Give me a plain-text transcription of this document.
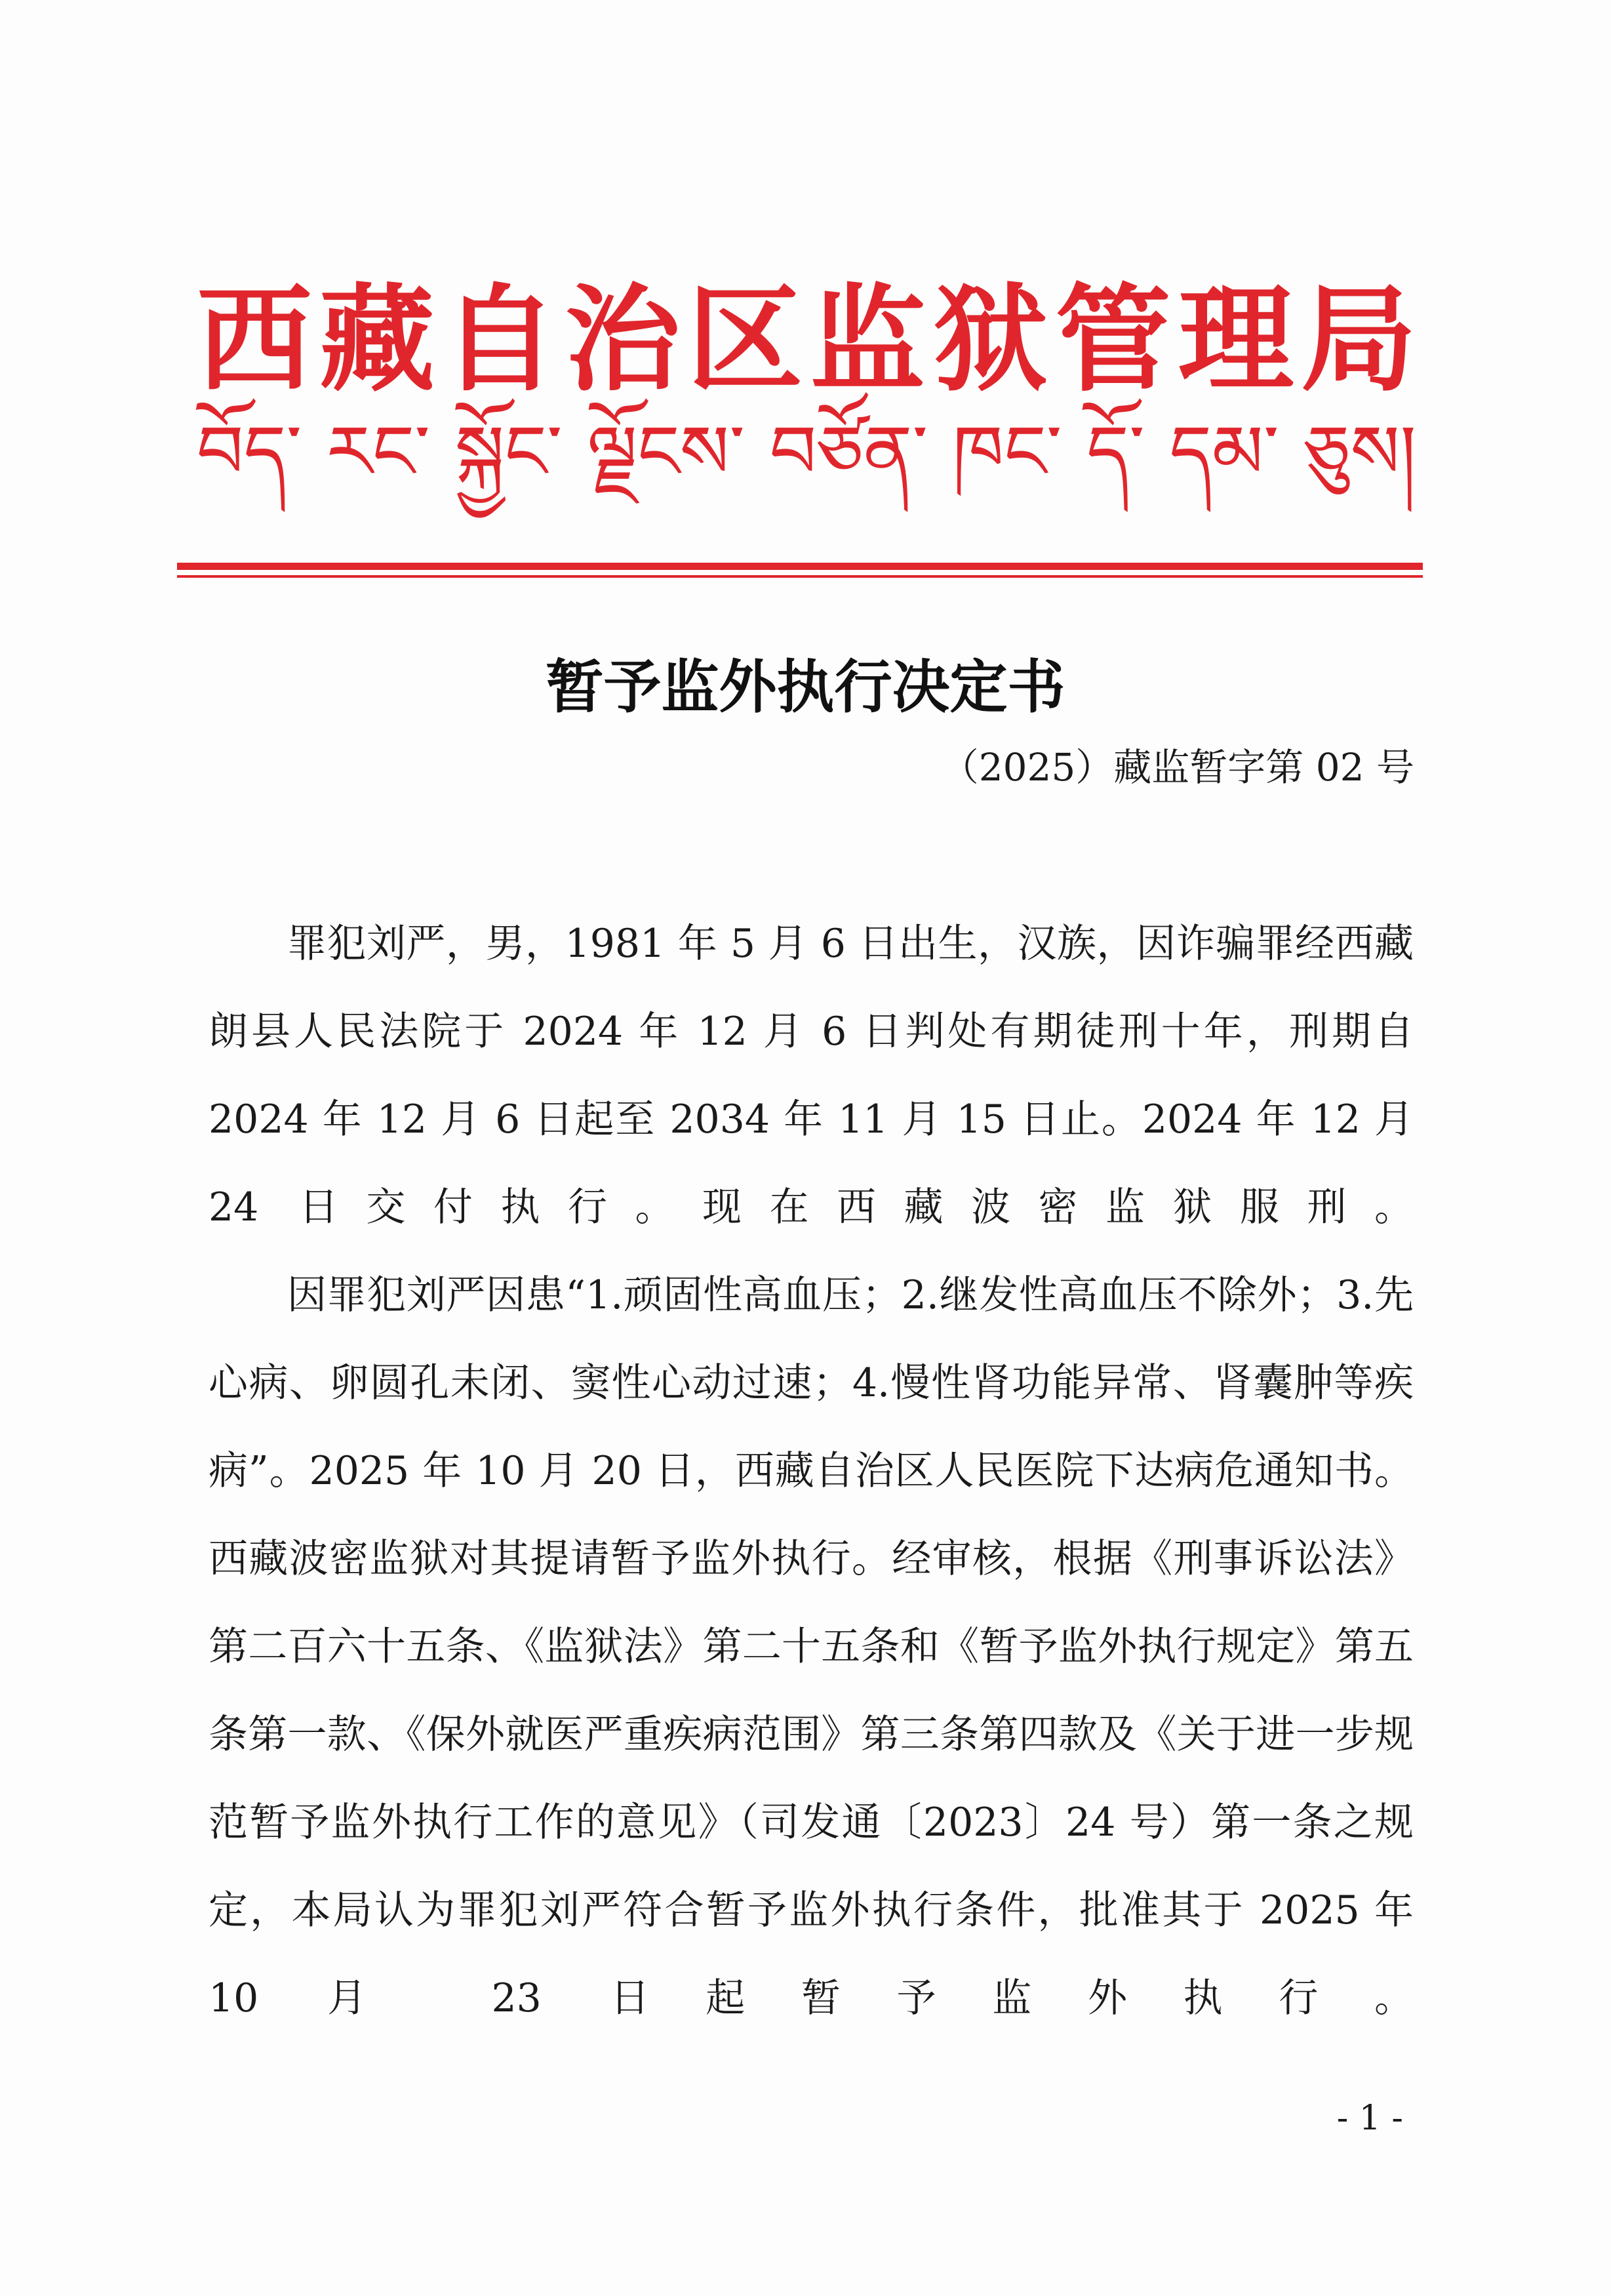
西藏自治区监狱管理局
བོད་ རང་ སྐྱོང་ ལྗོངས་ བཙོན་ ཁང་ དོ་ དམ་ ཅུས།
暂予监外执行决定书
（2025）藏监暂字第 02 号

罪犯刘严，男，1981 年 5 月 6 日出生，汉族，因诈骗罪经西藏朗县人民法院于 2024 年 12 月 6 日判处有期徒刑十年，刑期自 2024 年 12 月 6 日起至 2034 年 11 月 15 日止。2024 年 12 月 24 日交付执行。现在西藏波密监狱服刑。

因罪犯刘严因患“1.顽固性高血压；2.继发性高血压不除外；3.先心病、卵圆孔未闭、窦性心动过速；4.慢性肾功能异常、肾囊肿等疾病”。2025 年 10 月 20 日，西藏自治区人民医院下达病危通知书。西藏波密监狱对其提请暂予监外执行。经审核，根据《刑事诉讼法》第二百六十五条、《监狱法》第二十五条和《暂予监外执行规定》第五条第一款、《保外就医严重疾病范围》第三条第四款及《关于进一步规范暂予监外执行工作的意见》（司发通〔2023〕24 号）第一条之规定，本局认为罪犯刘严符合暂予监外执行条件，批准其于 2025 年 10 月 23 日起暂予监外执行。

- 1 -
